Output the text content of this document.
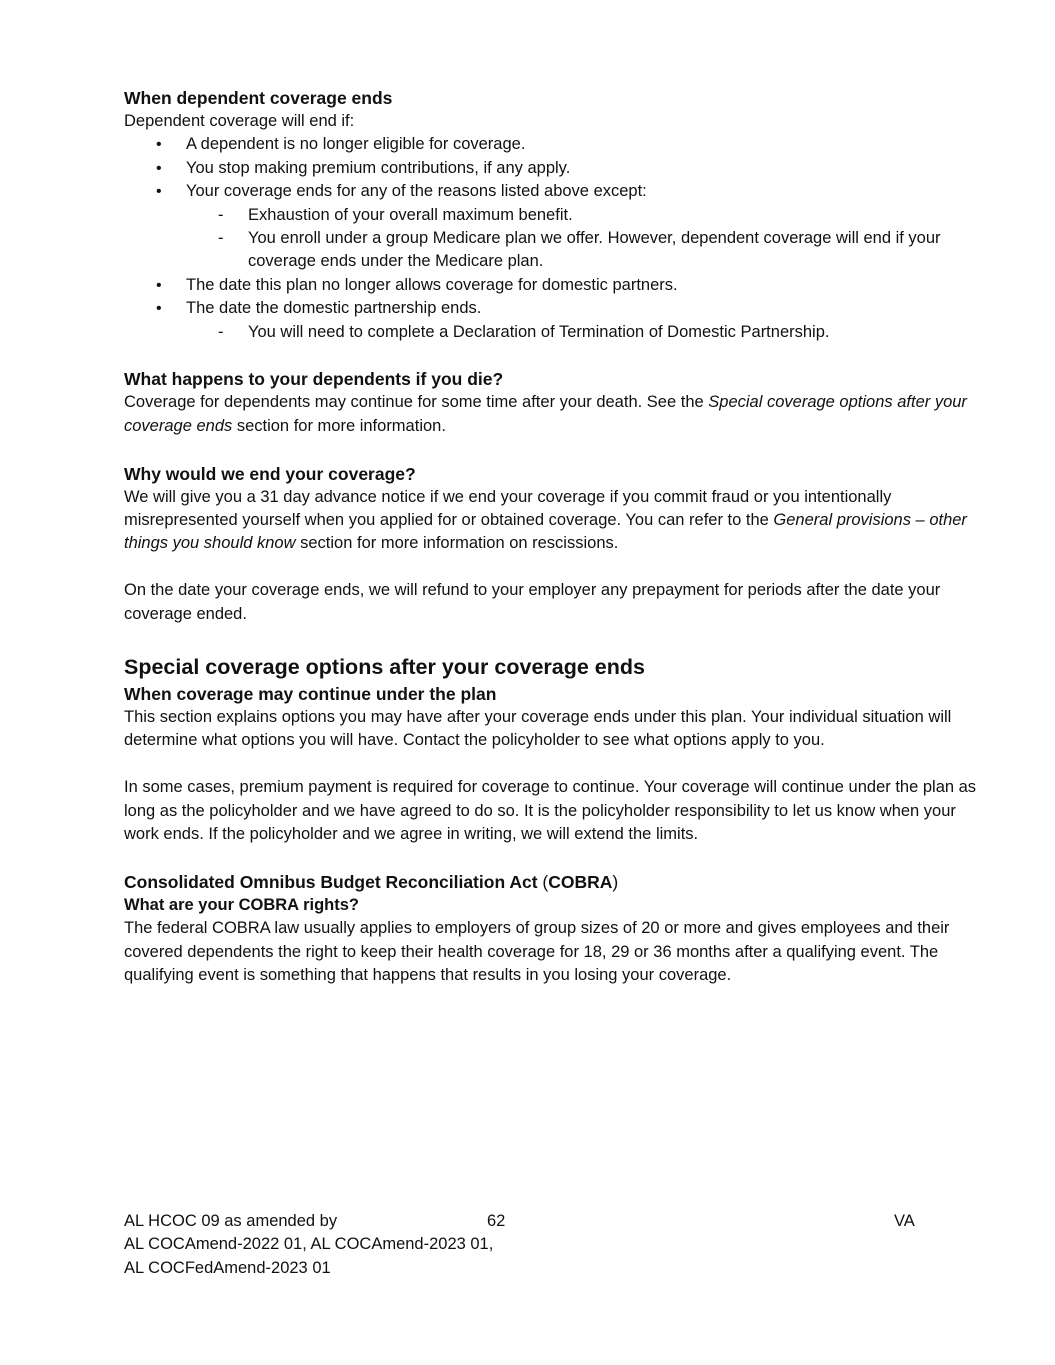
When dependent coverage ends

Dependent coverage will end if:

• A dependent is no longer eligible for coverage.
• You stop making premium contributions, if any apply.
• Your coverage ends for any of the reasons listed above except:
- Exhaustion of your overall maximum benefit.
- You enroll under a group Medicare plan we offer. However, dependent coverage will end if your coverage ends under the Medicare plan.
• The date this plan no longer allows coverage for domestic partners.
• The date the domestic partnership ends.
- You will need to complete a Declaration of Termination of Domestic Partnership.
What happens to your dependents if you die?

Coverage for dependents may continue for some time after your death. See the Special coverage options after your coverage ends section for more information.

Why would we end your coverage?

We will give you a 31 day advance notice if we end your coverage if you commit fraud or you intentionally misrepresented yourself when you applied for or obtained coverage. You can refer to the General provisions – other things you should know section for more information on rescissions.

On the date your coverage ends, we will refund to your employer any prepayment for periods after the date your coverage ended.

Special coverage options after your coverage ends
When coverage may continue under the plan

This section explains options you may have after your coverage ends under this plan. Your individual situation will determine what options you will have. Contact the policyholder to see what options apply to you.

In some cases, premium payment is required for coverage to continue. Your coverage will continue under the plan as long as the policyholder and we have agreed to do so. It is the policyholder responsibility to let us know when your work ends. If the policyholder and we agree in writing, we will extend the limits.

Consolidated Omnibus Budget Reconciliation Act (COBRA)

What are your COBRA rights?

The federal COBRA law usually applies to employers of group sizes of 20 or more and gives employees and their covered dependents the right to keep their health coverage for 18, 29 or 36 months after a qualifying event. The qualifying event is something that happens that results in you losing your coverage.

AL HCOC 09 as amended by	62	VA
AL COCAmend-2022 01, AL COCAmend-2023 01,
AL COCFedAmend-2023 01
